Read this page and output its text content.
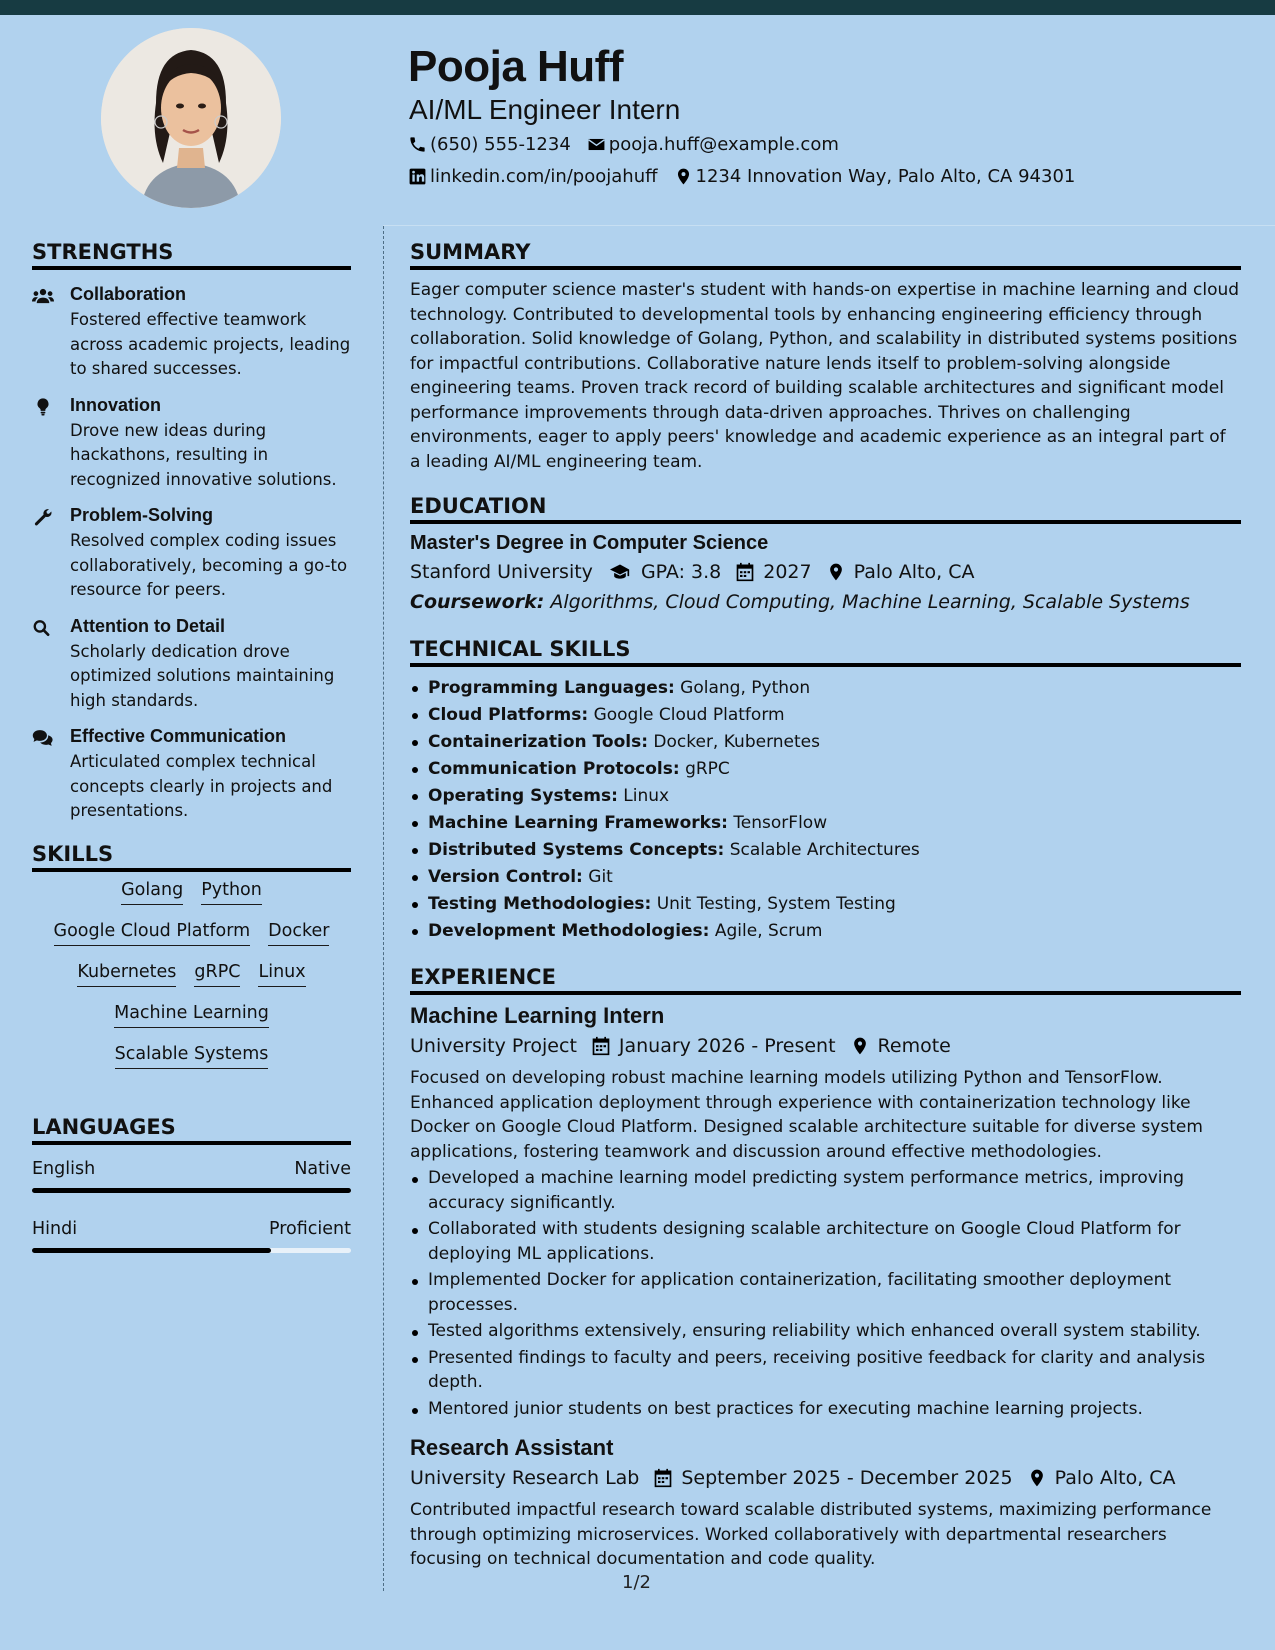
Pooja Huff
AI/ML Engineer Intern
(650) 555-1234 pooja.huff@example.com
linkedin.com/in/poojahuff 1234 Innovation Way, Palo Alto, CA 94301
STRENGTHS
Collaboration
Fostered effective teamwork across academic projects, leading to shared successes.
Innovation
Drove new ideas during hackathons, resulting in recognized innovative solutions.
Problem-Solving
Resolved complex coding issues collaboratively, becoming a go-to resource for peers.
Attention to Detail
Scholarly dedication drove optimized solutions maintaining high standards.
Effective Communication
Articulated complex technical concepts clearly in projects and presentations.
SKILLS
Golang Python
Google Cloud Platform Docker
Kubernetes gRPC Linux
Machine Learning
Scalable Systems
LANGUAGES
English	Native
Hindi	Proficient
SUMMARY
Eager computer science master's student with hands-on expertise in machine learning and cloud technology. Contributed to developmental tools by enhancing engineering efficiency through collaboration. Solid knowledge of Golang, Python, and scalability in distributed systems positions for impactful contributions. Collaborative nature lends itself to problem-solving alongside engineering teams. Proven track record of building scalable architectures and significant model performance improvements through data-driven approaches. Thrives on challenging environments, eager to apply peers' knowledge and academic experience as an integral part of a leading AI/ML engineering team.
EDUCATION
Master's Degree in Computer Science
Stanford University	GPA: 3.8 2027 Palo Alto, CA
Coursework: Algorithms, Cloud Computing, Machine Learning, Scalable Systems
TECHNICAL SKILLS
Programming Languages: Golang, Python
Cloud Platforms: Google Cloud Platform
Containerization Tools: Docker, Kubernetes
Communication Protocols: gRPC
Operating Systems: Linux
Machine Learning Frameworks: TensorFlow
Distributed Systems Concepts: Scalable Architectures
Version Control: Git
Testing Methodologies: Unit Testing, System Testing
Development Methodologies: Agile, Scrum
EXPERIENCE
Machine Learning Intern
University Project January 2026 - Present Remote
Focused on developing robust machine learning models utilizing Python and TensorFlow. Enhanced application deployment through experience with containerization technology like Docker on Google Cloud Platform. Designed scalable architecture suitable for diverse system applications, fostering teamwork and discussion around effective methodologies.
Developed a machine learning model predicting system performance metrics, improving accuracy significantly.
Collaborated with students designing scalable architecture on Google Cloud Platform for deploying ML applications.
Implemented Docker for application containerization, facilitating smoother deployment processes.
Tested algorithms extensively, ensuring reliability which enhanced overall system stability.
Presented findings to faculty and peers, receiving positive feedback for clarity and analysis depth.
Mentored junior students on best practices for executing machine learning projects.
Research Assistant
University Research Lab September 2025 - December 2025 Palo Alto, CA
Contributed impactful research toward scalable distributed systems, maximizing performance through optimizing microservices. Worked collaboratively with departmental researchers focusing on technical documentation and code quality.
1/2
